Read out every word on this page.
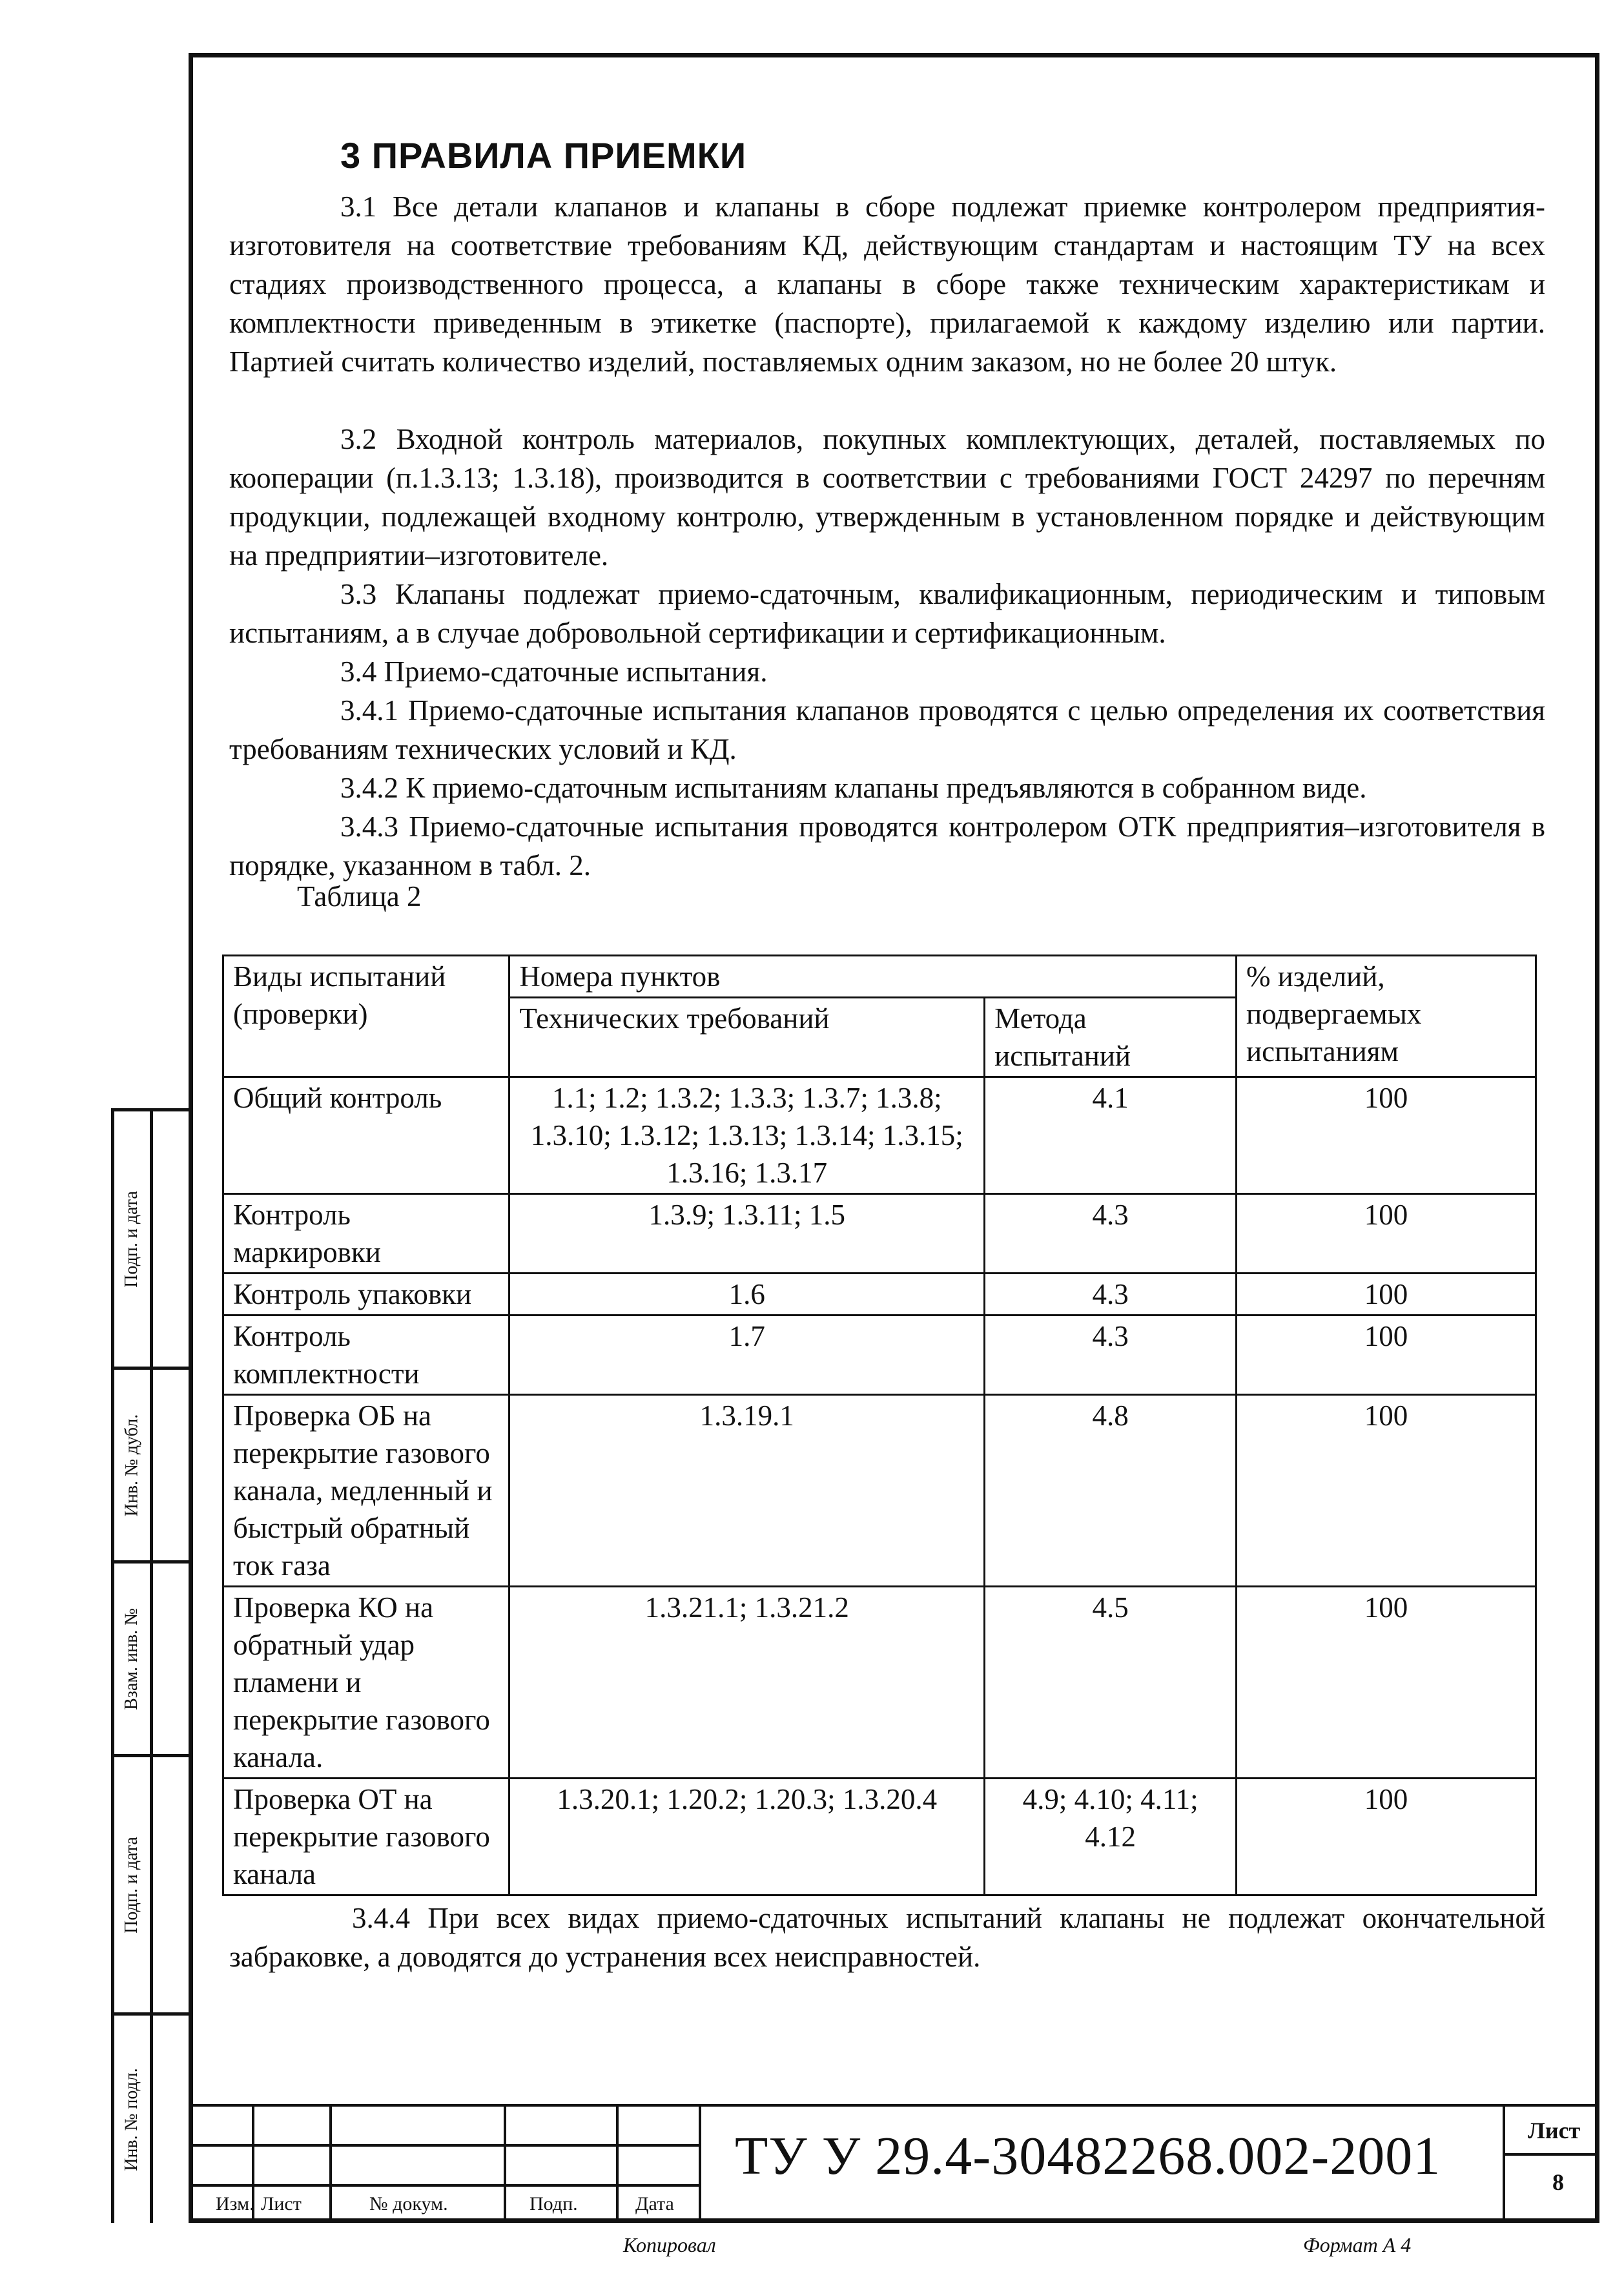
3 ПРАВИЛА ПРИЕМКИ
3.1 Все детали клапанов и клапаны в сборе подлежат приемке контролером предприятия-изготовителя на соответствие требованиям КД, действующим стандартам и настоящим ТУ на всех стадиях производственного процесса, а клапаны в сборе также техническим характеристикам и комплектности приведенным в этикетке (паспорте), прилагаемой к каждому изделию или партии. Партией считать количество изделий, поставляемых одним заказом, но не более 20 штук.
3.2 Входной контроль материалов, покупных комплектующих, деталей, поставляемых по кооперации (п.1.3.13; 1.3.18), производится в соответствии с требованиями ГОСТ 24297 по перечням продукции, подлежащей входному контролю, утвержденным в установленном порядке и действующим на предприятии–изготовителе.
3.3 Клапаны подлежат приемо-сдаточным, квалификационным, периодическим и типовым испытаниям, а в случае добровольной сертификации и сертификационным.
3.4 Приемо-сдаточные испытания.
3.4.1 Приемо-сдаточные испытания клапанов проводятся с целью определения их соответствия требованиям технических условий и КД.
3.4.2 К приемо-сдаточным испытаниям клапаны предъявляются в собранном виде.
3.4.3 Приемо-сдаточные испытания проводятся контролером ОТК предприятия–изготовителя в порядке, указанном в табл. 2.
Таблица 2
Виды испытаний (проверки)	Номера пунктов		% изделий, подвергаемых испытаниям
	Технических требований	Метода испытаний	
Общий контроль	1.1; 1.2; 1.3.2; 1.3.3; 1.3.7; 1.3.8; 1.3.10; 1.3.12; 1.3.13; 1.3.14; 1.3.15; 1.3.16; 1.3.17	4.1	100
Контроль маркировки	1.3.9; 1.3.11; 1.5	4.3	100
Контроль упаковки	1.6	4.3	100
Контроль комплектности	1.7	4.3	100
Проверка ОБ на перекрытие газового канала, медленный и быстрый обратный ток газа	1.3.19.1	4.8	100
Проверка КО на обратный удар пламени и перекрытие газового канала.	1.3.21.1; 1.3.21.2	4.5	100
Проверка ОТ на перекрытие газового канала	1.3.20.1; 1.20.2; 1.20.3; 1.3.20.4	4.9; 4.10; 4.11; 4.12	100
3.4.4 При всех видах приемо-сдаточных испытаний клапаны не подлежат окончательной забраковке, а доводятся до устранения всех неисправностей.
Подп. и дата
Инв. № дубл.
Взам. инв. №
Подп. и дата
Инв. № подл.
Изм. Лист	№ докум.	Подп.	Дата
ТУ У 29.4-30482268.002-2001	Лист
8
Копировал	Формат А 4
